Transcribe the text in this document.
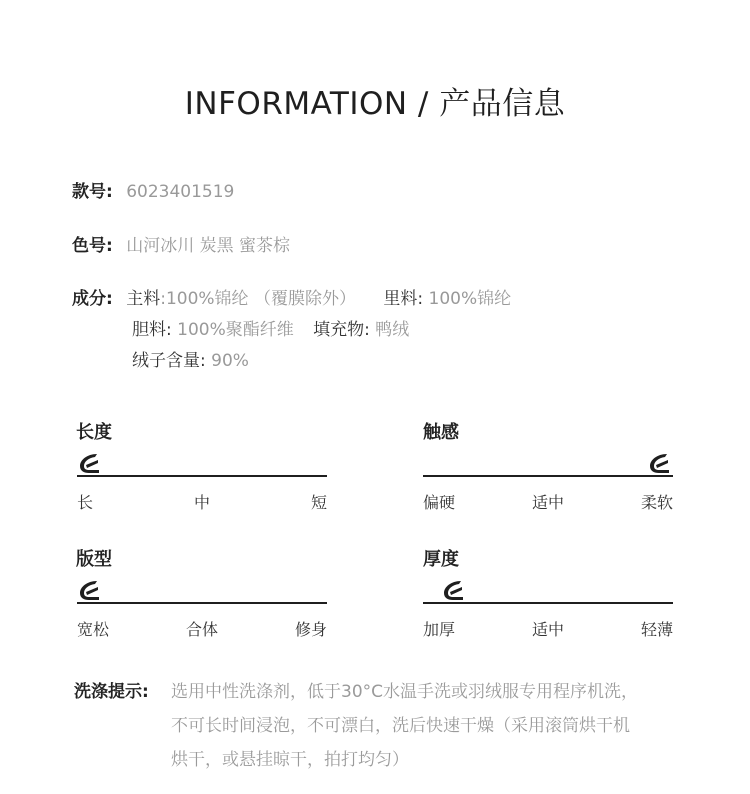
INFORMATION / 产品信息
款号: 6023401519
色号: 山河冰川 炭黑 蜜茶棕
成分: 主料:100%锦纶 （覆膜除外） 里料: 100%锦纶
胆料: 100%聚酯纤维 填充物: 鸭绒
绒子含量: 90%
长度
长	中	短
触感
偏硬	适中	柔软
版型
宽松	合体	修身
厚度
加厚	适中	轻薄
洗涤提示: 选用中性洗涤剂，低于30°C水温手洗或羽绒服专用程序机洗，
不可长时间浸泡，不可漂白，洗后快速干燥（采用滚筒烘干机
烘干，或悬挂晾干，拍打均匀）
